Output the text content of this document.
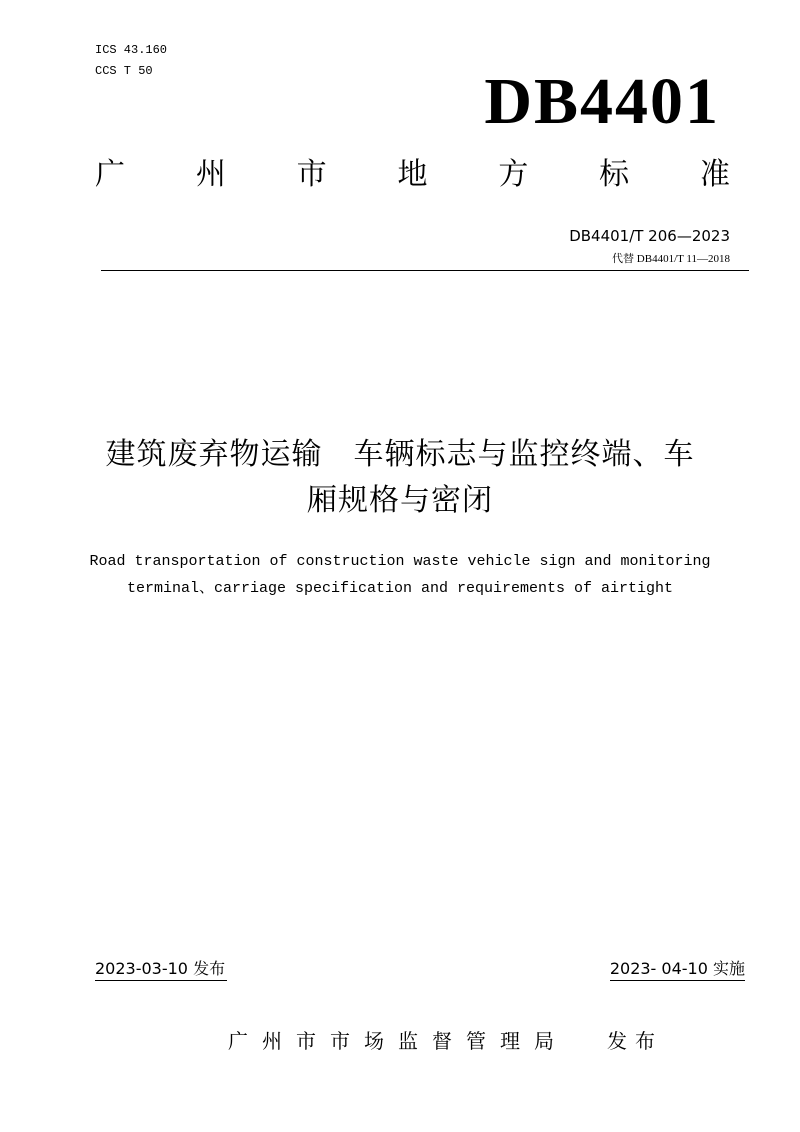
ICS 43.160
CCS T 50	DB4401
广 州 市 地 方 标 准
DB4401/T 206—2023
代替 DB4401/T 11—2018
建筑废弃物运输　车辆标志与监控终端、车
厢规格与密闭
Road transportation of construction waste vehicle sign and monitoring
terminal、carriage specification and requirements of airtight
2023-03-10 发布	2023- 04-10 实施
广州市市场监督管理局 发布
